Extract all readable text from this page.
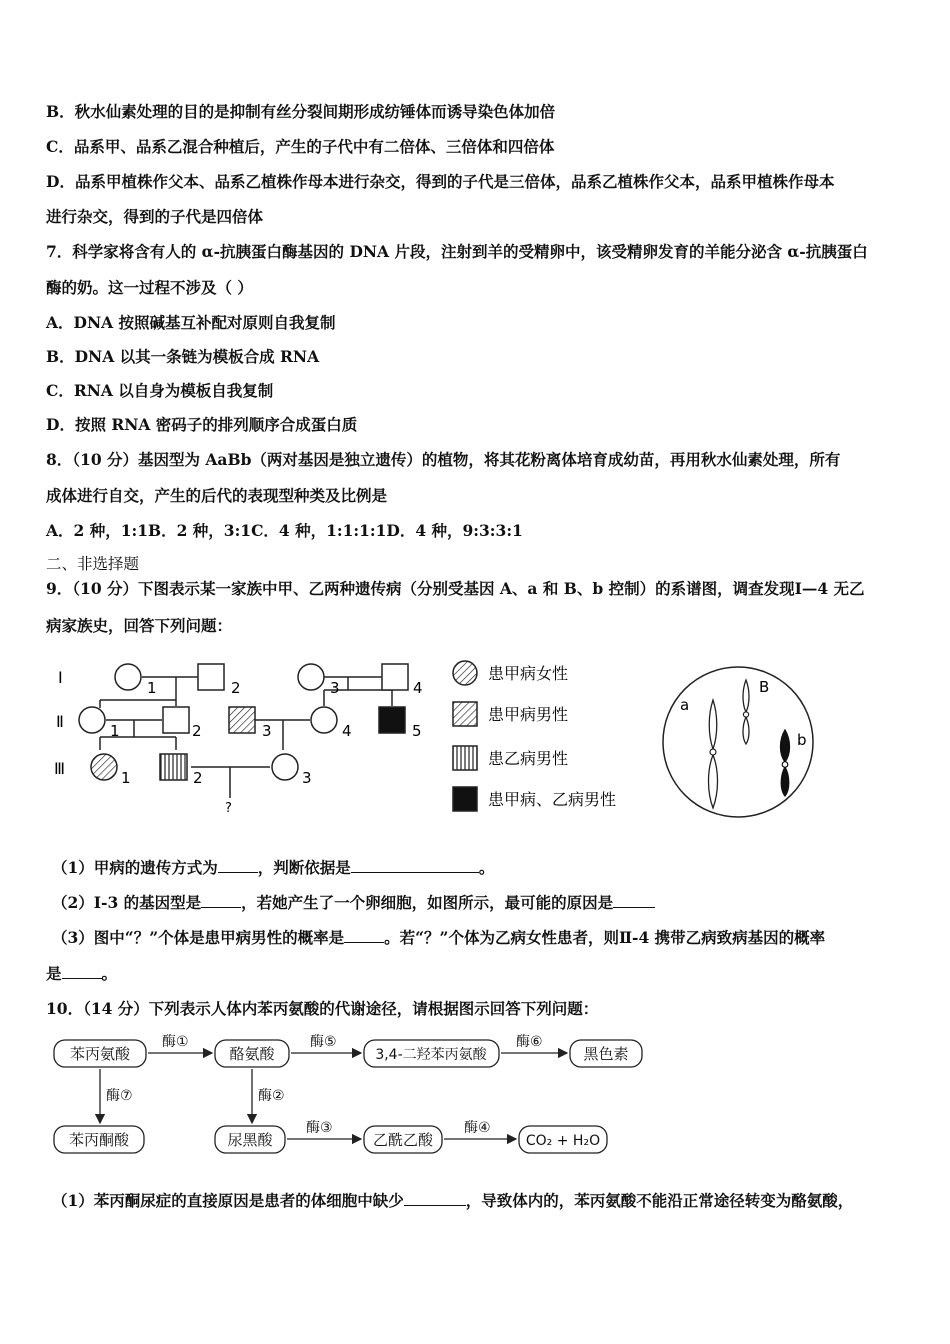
B．秋水仙素处理的目的是抑制有丝分裂间期形成纺锤体而诱导染色体加倍
C．品系甲、品系乙混合种植后，产生的子代中有二倍体、三倍体和四倍体
D．品系甲植株作父本、品系乙植株作母本进行杂交，得到的子代是三倍体，品系乙植株作父本，品系甲植株作母本
进行杂交，得到的子代是四倍体
7．科学家将含有人的 α-抗胰蛋白酶基因的 DNA 片段，注射到羊的受精卵中，该受精卵发育的羊能分泌含 α-抗胰蛋白
酶的奶。这一过程不涉及（ ）
A．DNA 按照碱基互补配对原则自我复制
B．DNA 以其一条链为模板合成 RNA
C．RNA 以自身为模板自我复制
D．按照 RNA 密码子的排列顺序合成蛋白质
8．（10 分）基因型为 AaBb（两对基因是独立遗传）的植物，将其花粉离体培育成幼苗，再用秋水仙素处理，所有
成体进行自交，产生的后代的表现型种类及比例是
A．2 种，1:1B．2 种，3:1C．4 种，1:1:1:1D．4 种，9:3:3:1
二、非选择题
9．（10 分）下图表示某一家族中甲、乙两种遗传病（分别受基因 A、a 和 B、b 控制）的系谱图，调查发现Ⅰ—4 无乙
病家族史，回答下列问题：
Ⅰ
Ⅱ
Ⅲ
1	2	3	4
1	2	3	4	5
1	2	3
?
患甲病女性
患甲病男性
患乙病男性
患甲病、乙病男性
a
B
b
（1）甲病的遗传方式为	，判断依据是	。
（2）Ⅰ-3 的基因型是	，若她产生了一个卵细胞，如图所示，最可能的原因是
（3）图中“？”个体是患甲病男性的概率是	。若“？”个体为乙病女性患者，则Ⅱ-4 携带乙病致病基因的概率
是	。
10．（14 分）下列表示人体内苯丙氨酸的代谢途径，请根据图示回答下列问题：
苯丙氨酸	酪氨酸	3,4-二羟苯丙氨酸	黑色素
苯丙酮酸	尿黑酸	乙酰乙酸	CO₂ + H₂O
酶①	酶⑤	酶⑥
酶⑦	酶②
酶③	酶④
（1）苯丙酮尿症的直接原因是患者的体细胞中缺少	，导致体内的，苯丙氨酸不能沿正常途径转变为酪氨酸，
